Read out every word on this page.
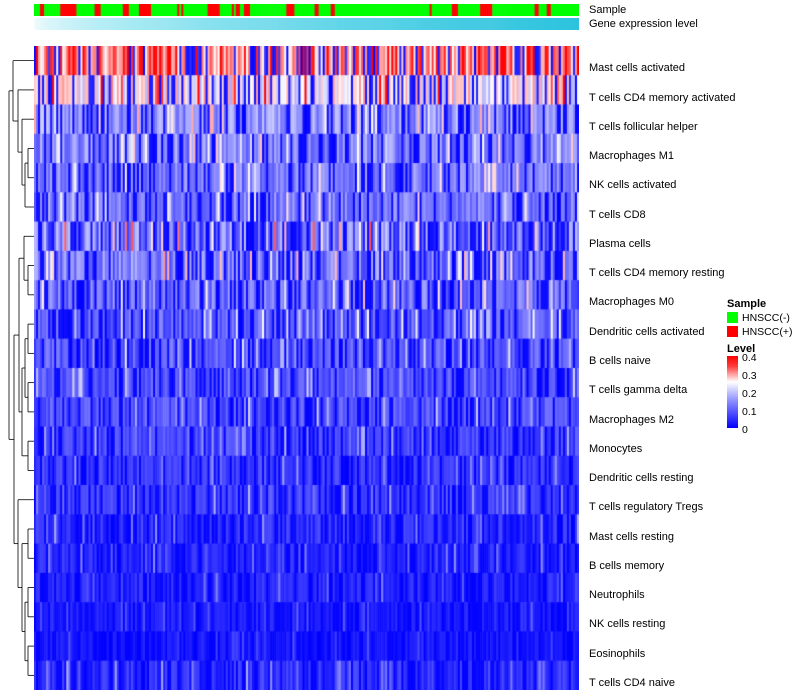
Sample
Gene expression level
Mast cells activated
T cells CD4 memory activated
T cells follicular helper
Macrophages M1
NK cells activated
T cells CD8
Plasma cells
T cells CD4 memory resting
Macrophages M0
Dendritic cells activated
B cells naive
T cells gamma delta
Macrophages M2
Monocytes
Dendritic cells resting
T cells regulatory Tregs
Mast cells resting
B cells memory
Neutrophils
NK cells resting
Eosinophils
T cells CD4 naive
Sample
HNSCC(-)
HNSCC(+)
Level
0.4
0.3
0.2
0.1
0
